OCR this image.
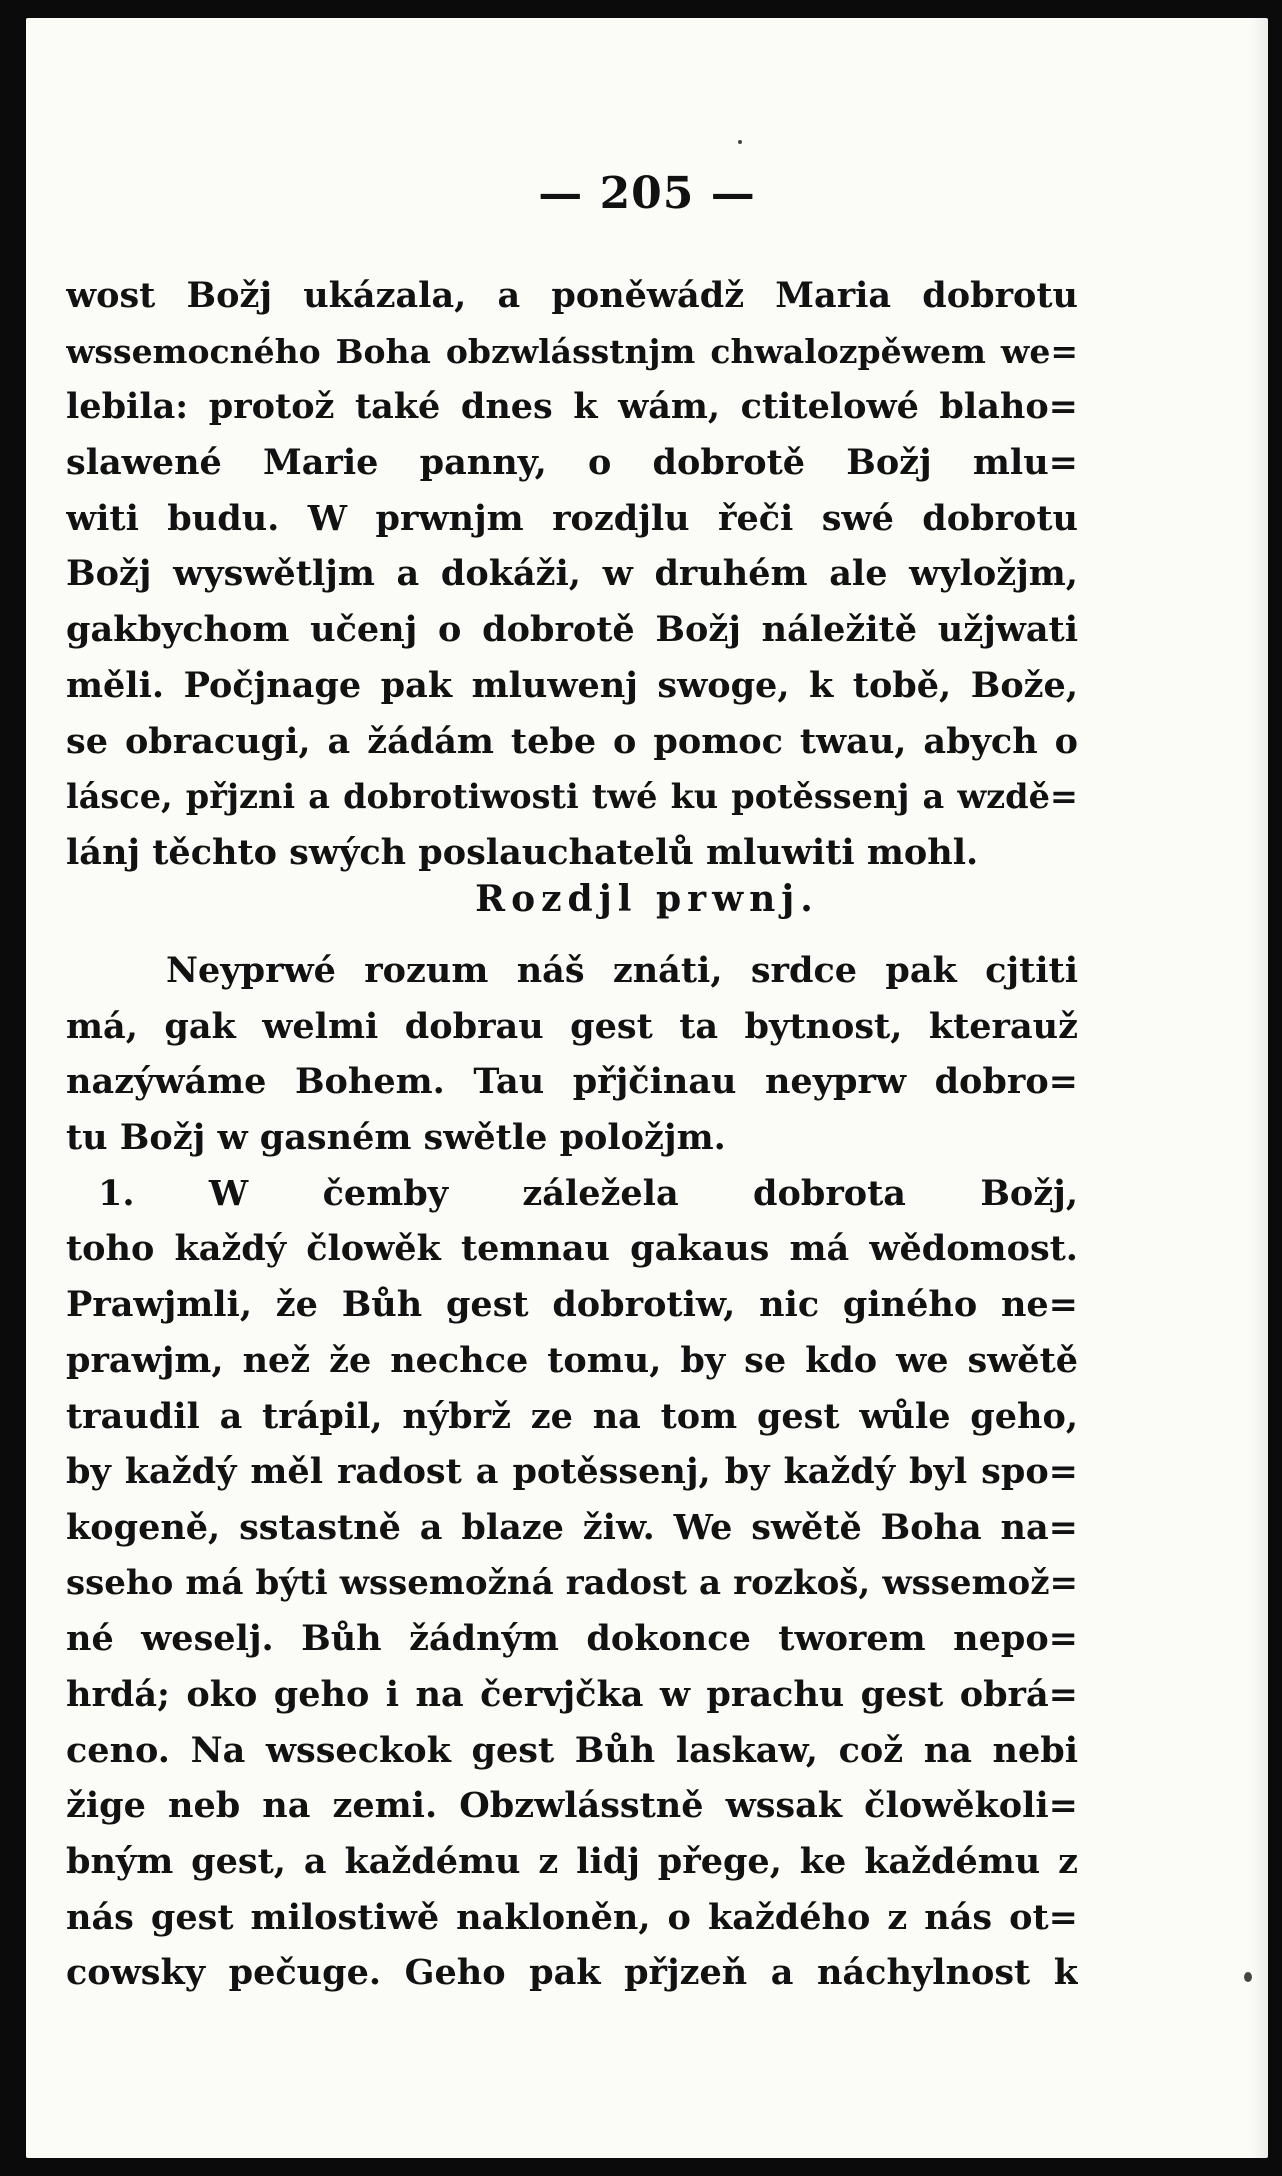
— 205 —
wost Božj ukázala, a poněwádž Maria dobrotu
wssemocného Boha obzwlásstnjm chwalozpěwem we=
lebila: protož také dnes k wám, ctitelowé blaho=
slawené Marie panny, o dobrotě Božj mlu=
witi budu. W prwnjm rozdjlu řeči swé dobrotu
Božj wyswětljm a dokáži, w druhém ale wyložjm,
gakbychom učenj o dobrotě Božj náležitě užjwati
měli. Počjnage pak mluwenj swoge, k tobě, Bože,
se obracugi, a žádám tebe o pomoc twau, abych o
lásce, přjzni a dobrotiwosti twé ku potěssenj a wzdě=
lánj těchto swých poslauchatelů mluwiti mohl.
Rozdjl prwnj.
Neyprwé rozum náš znáti, srdce pak cjtiti
má, gak welmi dobrau gest ta bytnost, kterauž
nazýwáme Bohem. Tau přjčinau neyprw dobro=
tu Božj w gasném swětle položjm.
1. W čemby záležela dobrota Božj,
toho každý člowěk temnau gakaus má wědomost.
Prawjmli, že Bůh gest dobrotiw, nic giného ne=
prawjm, než že nechce tomu, by se kdo we swětě
traudil a trápil, nýbrž ze na tom gest wůle geho,
by každý měl radost a potěssenj, by každý byl spo=
kogeně, sstastně a blaze žiw. We swětě Boha na=
sseho má býti wssemožná radost a rozkoš, wssemož=
né weselj. Bůh žádným dokonce tworem nepo=
hrdá; oko geho i na červjčka w prachu gest obrá=
ceno. Na wsseckok gest Bůh laskaw, což na nebi
žige neb na zemi. Obzwlásstně wssak člowěkoli=
bným gest, a každému z lidj přege, ke každému z
nás gest milostiwě nakloněn, o každého z nás ot=
cowsky pečuge. Geho pak přjzeň a náchylnost k
